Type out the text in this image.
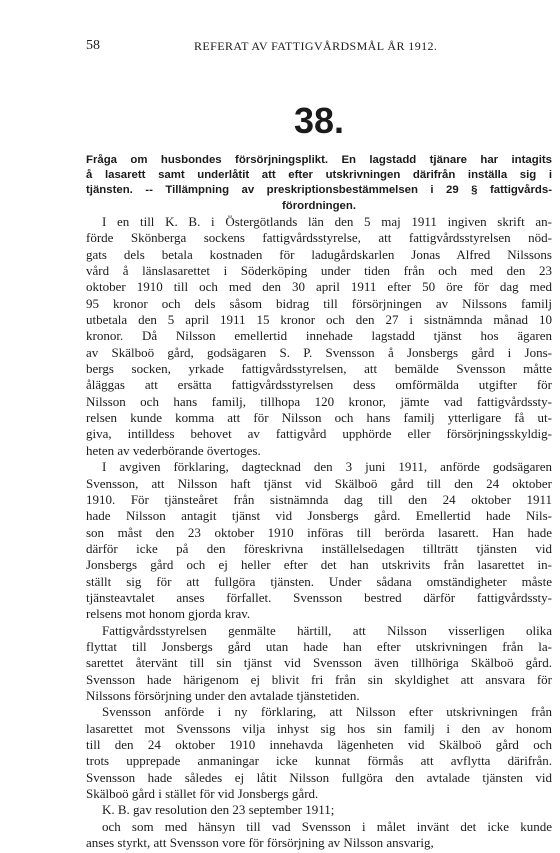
58	REFERAT AV FATTIGVÅRDSMÅL ÅR 1912.
38.
Fråga om husbondes försörjningsplikt. En lagstadd tjänare har intagits
å lasarett samt underlåtit att efter utskrivningen därifrån inställa sig i
tjänsten. -- Tillämpning av preskriptionsbestämmelsen i 29 § fattigvårds-
förordningen.
I en till K. B. i Östergötlands län den 5 maj 1911 ingiven skrift an-
förde Skönberga sockens fattigvårdsstyrelse, att fattigvårdsstyrelsen nöd-
gats dels betala kostnaden för ladugårdskarlen Jonas Alfred Nilssons
vård å länslasarettet i Söderköping under tiden från och med den 23
oktober 1910 till och med den 30 april 1911 efter 50 öre för dag med
95 kronor och dels såsom bidrag till försörjningen av Nilssons familj
utbetala den 5 april 1911 15 kronor och den 27 i sistnämnda månad 10
kronor. Då Nilsson emellertid innehade lagstadd tjänst hos ägaren
av Skälboö gård, godsägaren S. P. Svensson å Jonsbergs gård i Jons-
bergs socken, yrkade fattigvårdsstyrelsen, att bemälde Svensson måtte
åläggas att ersätta fattigvårdsstyrelsen dess omförmälda utgifter för
Nilsson och hans familj, tillhopa 120 kronor, jämte vad fattigvårdssty-
relsen kunde komma att för Nilsson och hans familj ytterligare få ut-
giva, intilldess behovet av fattigvård upphörde eller försörjningsskyldig-
heten av vederbörande övertoges.
I avgiven förklaring, dagtecknad den 3 juni 1911, anförde godsägaren
Svensson, att Nilsson haft tjänst vid Skälboö gård till den 24 oktober
1910. För tjänsteåret från sistnämnda dag till den 24 oktober 1911
hade Nilsson antagit tjänst vid Jonsbergs gård. Emellertid hade Nils-
son måst den 23 oktober 1910 införas till berörda lasarett. Han hade
därför icke på den föreskrivna inställelsedagen tillträtt tjänsten vid
Jonsbergs gård och ej heller efter det han utskrivits från lasarettet in-
ställt sig för att fullgöra tjänsten. Under sådana omständigheter måste
tjänsteavtalet anses förfallet. Svensson bestred därför fattigvårdssty-
relsens mot honom gjorda krav.
Fattigvårdsstyrelsen genmälte härtill, att Nilsson visserligen olika
flyttat till Jonsbergs gård utan hade han efter utskrivningen från la-
sarettet återvänt till sin tjänst vid Svensson även tillhöriga Skälboö gård.
Svensson hade härigenom ej blivit fri från sin skyldighet att ansvara för
Nilssons försörjning under den avtalade tjänstetiden.
Svensson anförde i ny förklaring, att Nilsson efter utskrivningen från
lasarettet mot Svenssons vilja inhyst sig hos sin familj i den av honom
till den 24 oktober 1910 innehavda lägenheten vid Skälboö gård och
trots upprepade anmaningar icke kunnat förmås att avflytta därifrån.
Svensson hade således ej låtit Nilsson fullgöra den avtalade tjänsten vid
Skälboö gård i stället för vid Jonsbergs gård.
K. B. gav resolution den 23 september 1911;
och som med hänsyn till vad Svensson i målet invänt det icke kunde
anses styrkt, att Svensson vore för försörjning av Nilsson ansvarig,
